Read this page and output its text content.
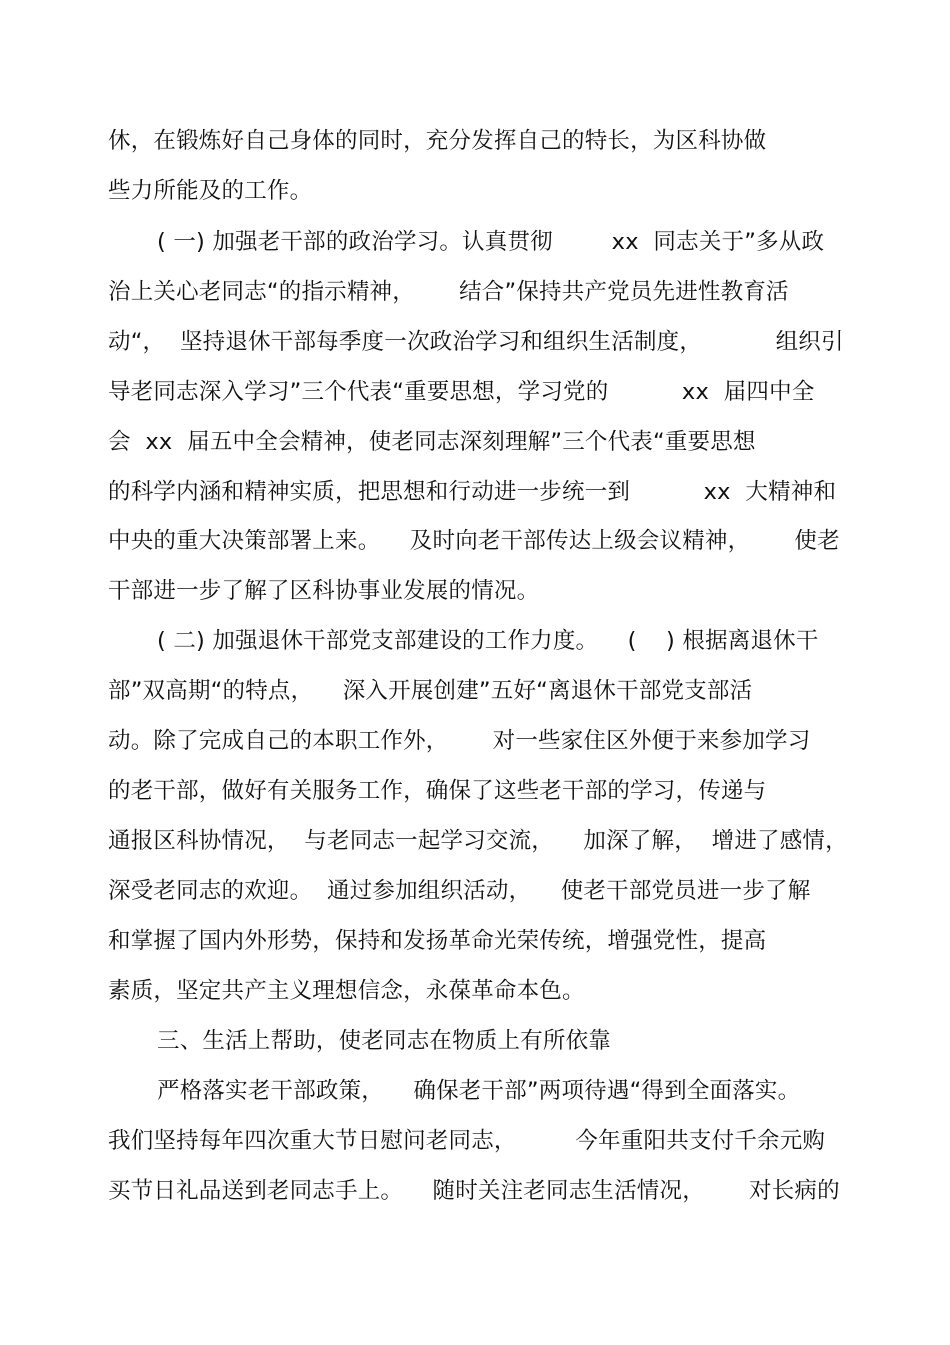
休，在锻炼好自己身体的同时，充分发挥自己的特长，为区科协做
些力所能及的工作。
( 一) 加强老干部的政治学习。认真贯彻        xx  同志关于”多从政
治上关心老同志“的指示精神，      结合”保持共产党员先进性教育活
动“，  坚持退休干部每季度一次政治学习和组织生活制度，          组织引
导老同志深入学习”三个代表“重要思想，学习党的          xx  届四中全
会  xx  届五中全会精神，使老同志深刻理解”三个代表“重要思想
的科学内涵和精神实质，把思想和行动进一步统一到          xx  大精神和
中央的重大决策部署上来。    及时向老干部传达上级会议精神，      使老
干部进一步了解了区科协事业发展的情况。
( 二) 加强退休干部党支部建设的工作力度。    (    ) 根据离退休干
部”双高期“的特点，    深入开展创建”五好“离退休干部党支部活
动。除了完成自己的本职工作外，      对一些家住区外便于来参加学习
的老干部，做好有关服务工作，确保了这些老干部的学习，传递与
通报区科协情况，  与老同志一起学习交流，    加深了解，  增进了感情，
深受老同志的欢迎。  通过参加组织活动，    使老干部党员进一步了解
和掌握了国内外形势，保持和发扬革命光荣传统，增强党性，提高
素质，坚定共产主义理想信念，永葆革命本色。
三、生活上帮助，使老同志在物质上有所依靠
严格落实老干部政策，    确保老干部”两项待遇“得到全面落实。
我们坚持每年四次重大节日慰问老同志，        今年重阳共支付千余元购
买节日礼品送到老同志手上。    随时关注老同志生活情况，      对长病的
